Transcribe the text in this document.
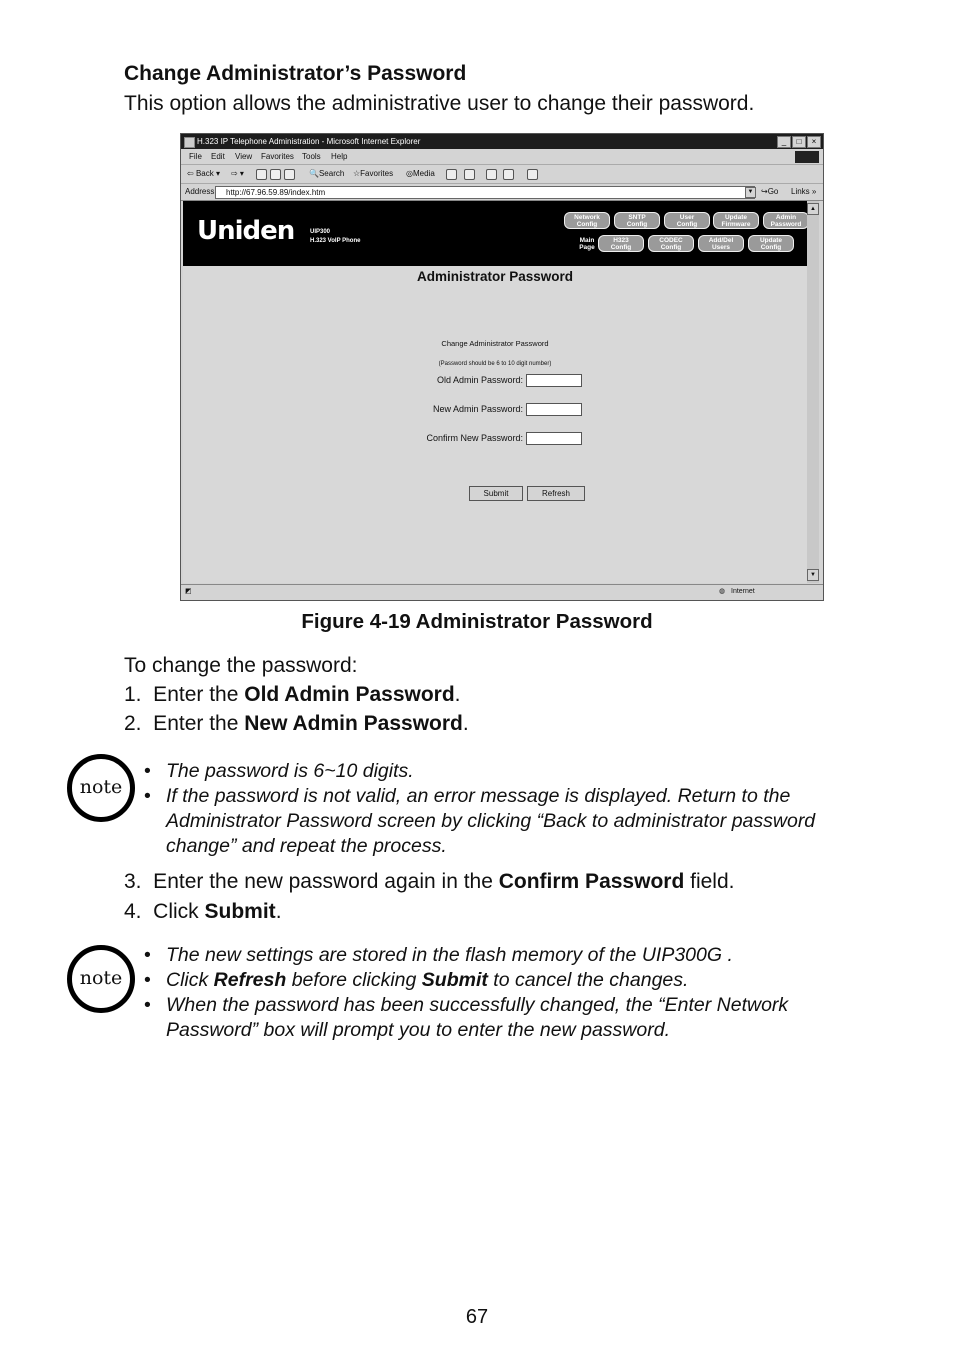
Change Administrator’s Password
This option allows the administrative user to change their password.
H.323 IP Telephone Administration - Microsoft Internet Explorer	_	□	×
File Edit View Favorites Tools Help
⇦ Back ▾ ⇨ ▾	🔍Search ☆Favorites ◎Media
Address http://67.96.59.89/index.htm	▼ ↪Go Links »
Uniden	UIP300
H.323 VoIP Phone
Network
Config
SNTP
Config
User
Config
Update
Firmware
Admin
Password
Main
Page
H323
Config
CODEC
Config
Add/Del
Users
Update
Config
Administrator Password
Change Administrator Password
(Password should be 6 to 10 digit number)
Old Admin Password:
New Admin Password:
Confirm New Password:
Submit	Refresh
▲
▼
◩	◍ Internet
Figure 4-19 Administrator Password
To change the password:
1.  Enter the Old Admin Password.
2.  Enter the New Admin Password.
note
• The password is 6~10 digits.
• If the password is not valid, an error message is displayed. Return to the Administrator Password screen by clicking “Back to administrator password change” and repeat the process.
3.  Enter the new password again in the Confirm Password field.
4.  Click Submit.
note
• The new settings are stored in the flash memory of the UIP300G .
• Click Refresh before clicking Submit to cancel the changes.
• When the password has been successfully changed, the “Enter Network Password” box will prompt you to enter the new password.
67
